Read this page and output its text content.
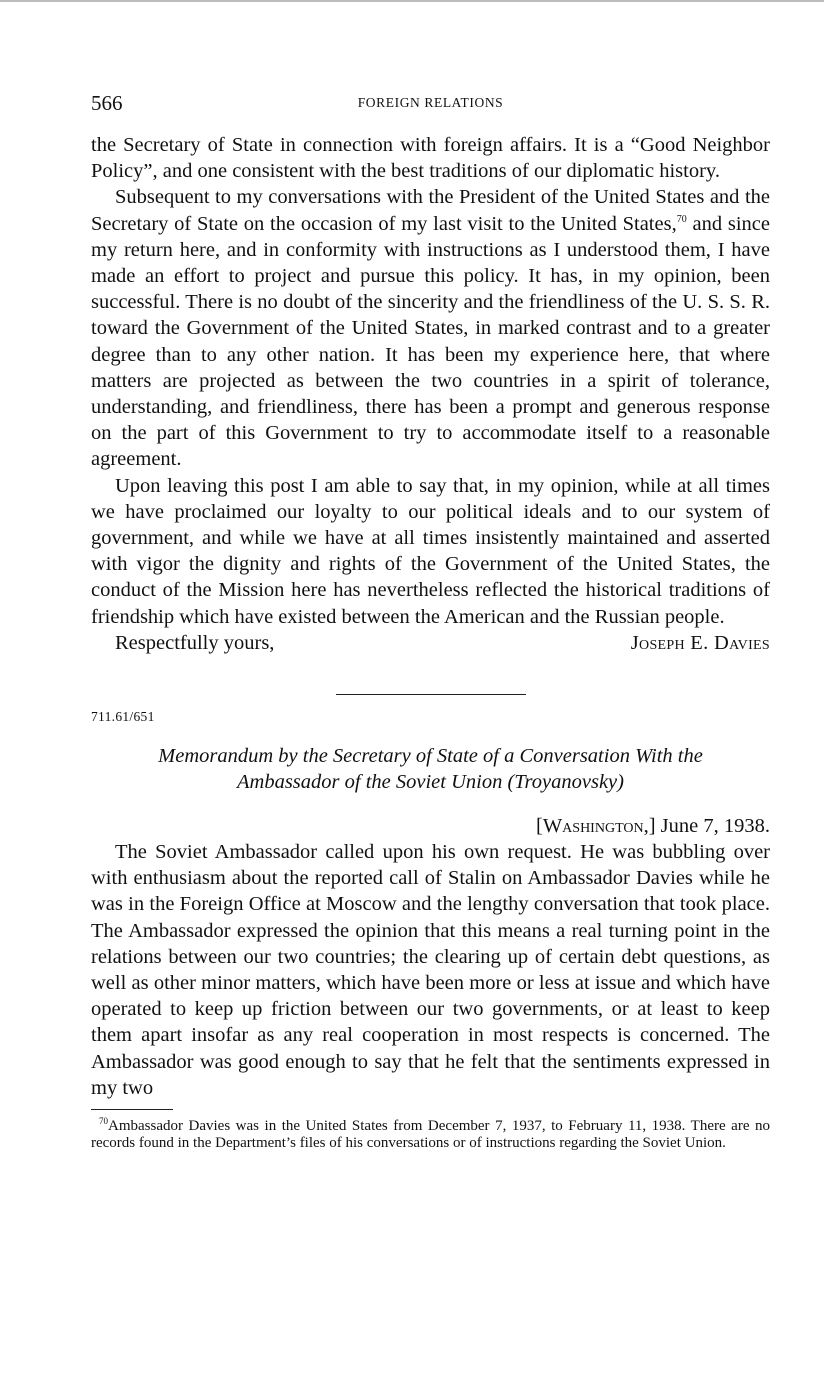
566	FOREIGN RELATIONS

the Secretary of State in connection with foreign affairs. It is a “Good Neighbor Policy”, and one consistent with the best traditions of our diplomatic history.

Subsequent to my conversations with the President of the United States and the Secretary of State on the occasion of my last visit to the United States,$^{70}$ and since my return here, and in conformity with instructions as I understood them, I have made an effort to project and pursue this policy. It has, in my opinion, been successful. There is no doubt of the sincerity and the friendliness of the U. S. S. R. toward the Government of the United States, in marked contrast and to a greater degree than to any other nation. It has been my experience here, that where matters are projected as between the two countries in a spirit of tolerance, understanding, and friendliness, there has been a prompt and generous response on the part of this Government to try to accommodate itself to a reasonable agreement.

Upon leaving this post I am able to say that, in my opinion, while at all times we have proclaimed our loyalty to our political ideals and to our system of government, and while we have at all times insistently maintained and asserted with vigor the dignity and rights of the Government of the United States, the conduct of the Mission here has nevertheless reflected the historical traditions of friendship which have existed between the American and the Russian people.

Respectfully yours,	Joseph E. Davies
711.61/651
Memorandum by the Secretary of State of a Conversation With the
Ambassador of the Soviet Union (Troyanovsky)
[Washington,] June 7, 1938.

The Soviet Ambassador called upon his own request. He was bubbling over with enthusiasm about the reported call of Stalin on Ambassador Davies while he was in the Foreign Office at Moscow and the lengthy conversation that took place. The Ambassador expressed the opinion that this means a real turning point in the relations between our two countries; the clearing up of certain debt questions, as well as other minor matters, which have been more or less at issue and which have operated to keep up friction between our two governments, or at least to keep them apart insofar as any real cooperation in most respects is concerned. The Ambassador was good enough to say that he felt that the sentiments expressed in my two

$^{70}$Ambassador Davies was in the United States from December 7, 1937, to February 11, 1938. There are no records found in the Department’s files of his conversations or of instructions regarding the Soviet Union.
